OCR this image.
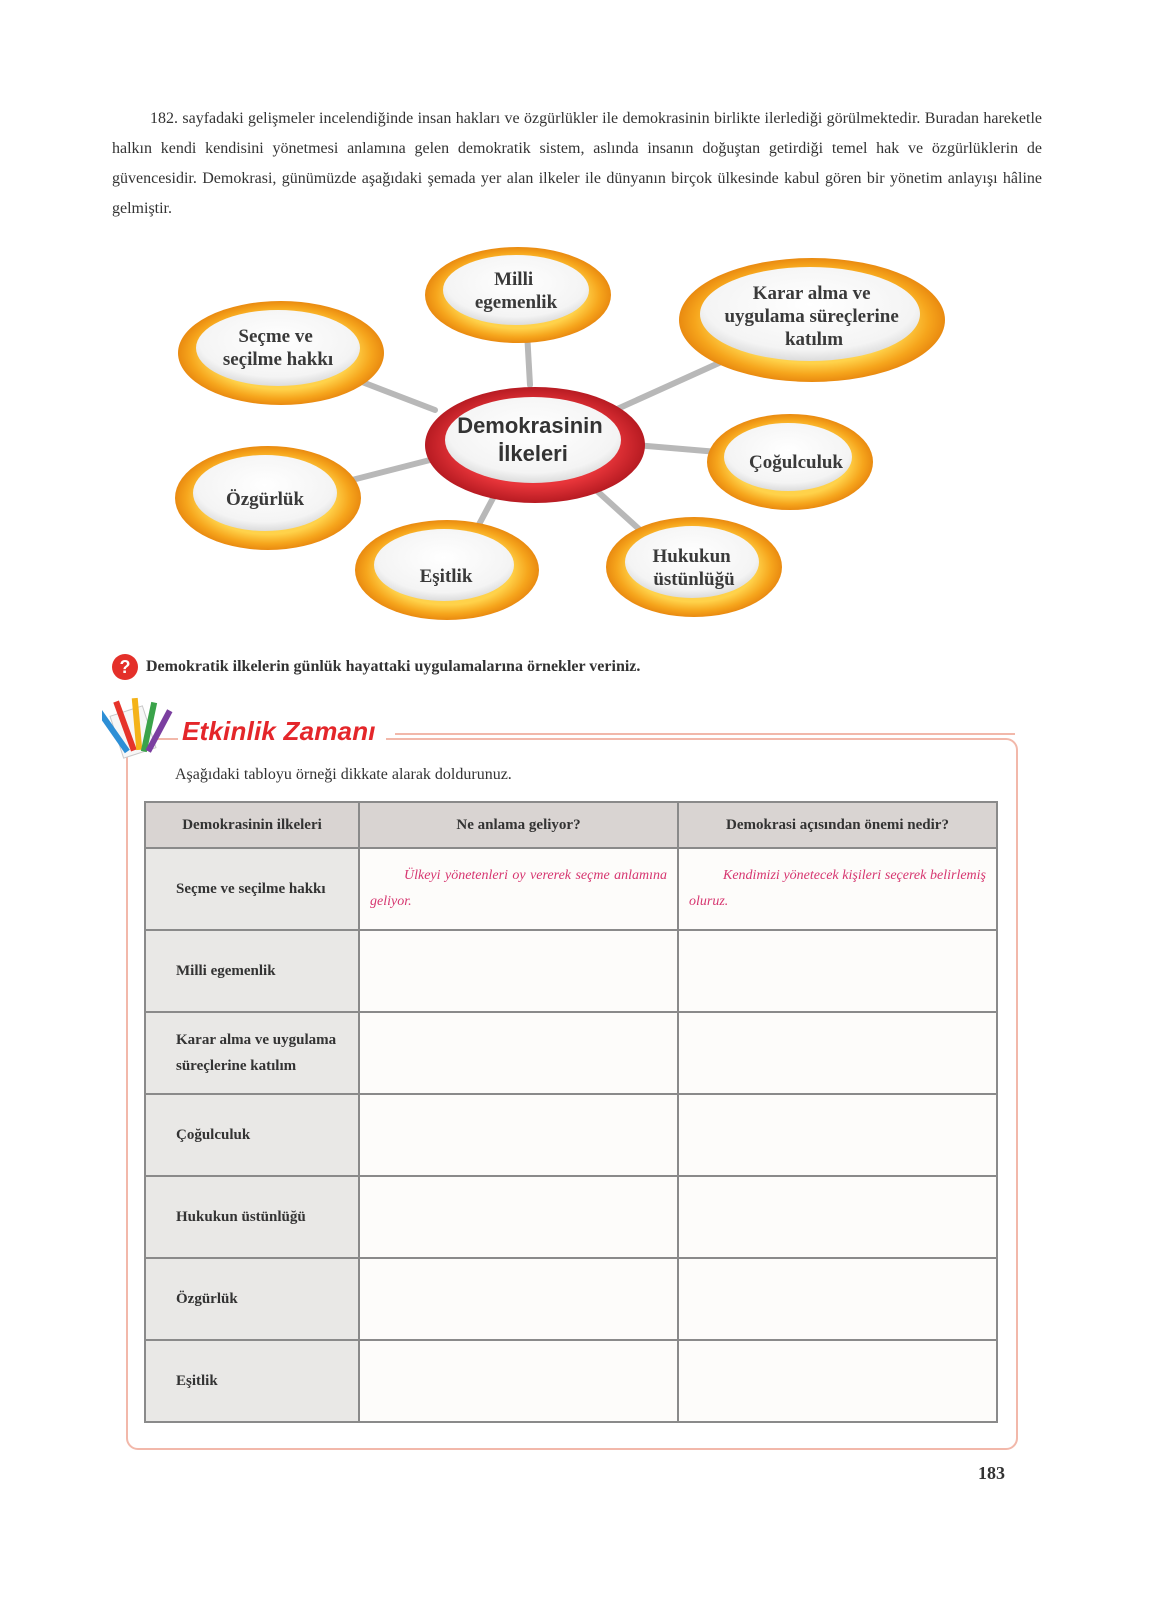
182. sayfadaki gelişmeler incelendiğinde insan hakları ve özgürlükler ile demokrasinin birlikte ilerlediği görülmektedir. Buradan hareketle halkın kendi kendisini yönetmesi anlamına gelen demokratik sistem, aslında insanın doğuştan getirdiği temel hak ve özgürlüklerin de güvencesidir. Demokrasi, günümüzde aşağıdaki şemada yer alan ilkeler ile dünyanın birçok ülkesinde kabul gören bir yönetim anlayışı hâline gelmiştir.

Milli egemenlik	Karar alma ve uygulama süreçlerine katılım
Seçme ve seçilme hakkı
Demokrasinin İlkeleri	Çoğulculuk
Özgürlük
Eşitlik
Hukukun üstünlüğü
? Demokratik ilkelerin günlük hayattaki uygulamalarına örnekler veriniz.
Etkinlik Zamanı

Aşağıdaki tabloyu örneği dikkate alarak doldurunuz.

Demokrasinin ilkeleri	Ne anlama geliyor?	Demokrasi açısından önemi nedir?
Seçme ve seçilme hakkı	Ülkeyi yönetenleri oy vererek seçme anlamına geliyor.	Kendimizi yönetecek kişileri seçerek belirlemiş oluruz.
Milli egemenlik		
Karar alma ve uygulama süreçlerine katılım		
Çoğulculuk		
Hukukun üstünlüğü		
Özgürlük		
Eşitlik		
183
